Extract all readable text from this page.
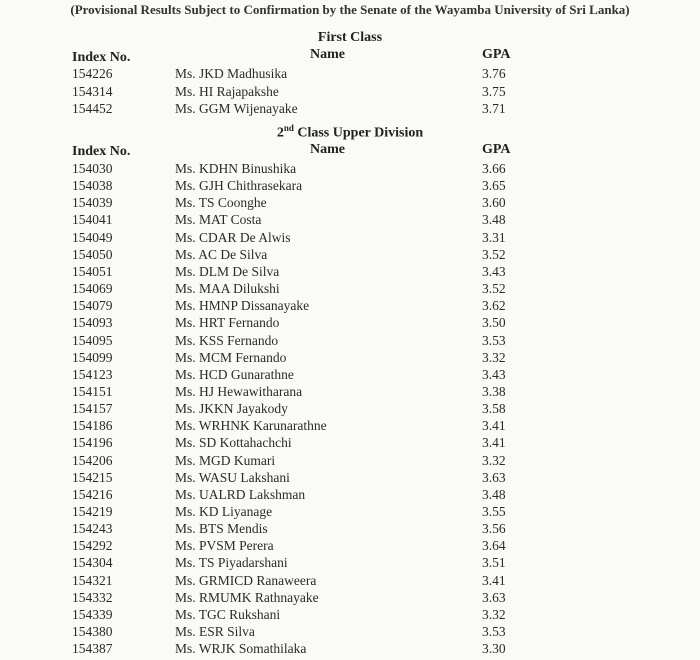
(Provisional Results Subject to Confirmation by the Senate of the Wayamba University of Sri Lanka)
First Class
Index No.	Name	GPA
154226	Ms. JKD Madhusika	3.76
154314	Ms. HI Rajapakshe	3.75
154452	Ms. GGM Wijenayake	3.71
2nd Class Upper Division
Index No.	Name	GPA
154030	Ms. KDHN Binushika	3.66
154038	Ms. GJH Chithrasekara	3.65
154039	Ms. TS Coonghe	3.60
154041	Ms. MAT Costa	3.48
154049	Ms. CDAR De Alwis	3.31
154050	Ms. AC De Silva	3.52
154051	Ms. DLM De Silva	3.43
154069	Ms. MAA Dilukshi	3.52
154079	Ms. HMNP Dissanayake	3.62
154093	Ms. HRT Fernando	3.50
154095	Ms. KSS Fernando	3.53
154099	Ms. MCM Fernando	3.32
154123	Ms. HCD Gunarathne	3.43
154151	Ms. HJ Hewawitharana	3.38
154157	Ms. JKKN Jayakody	3.58
154186	Ms. WRHNK Karunarathne	3.41
154196	Ms. SD Kottahachchi	3.41
154206	Ms. MGD Kumari	3.32
154215	Ms. WASU Lakshani	3.63
154216	Ms. UALRD Lakshman	3.48
154219	Ms. KD Liyanage	3.55
154243	Ms. BTS Mendis	3.56
154292	Ms. PVSM Perera	3.64
154304	Ms. TS Piyadarshani	3.51
154321	Ms. GRMICD Ranaweera	3.41
154332	Ms. RMUMK Rathnayake	3.63
154339	Ms. TGC Rukshani	3.32
154380	Ms. ESR Silva	3.53
154387	Ms. WRJK Somathilaka	3.30
